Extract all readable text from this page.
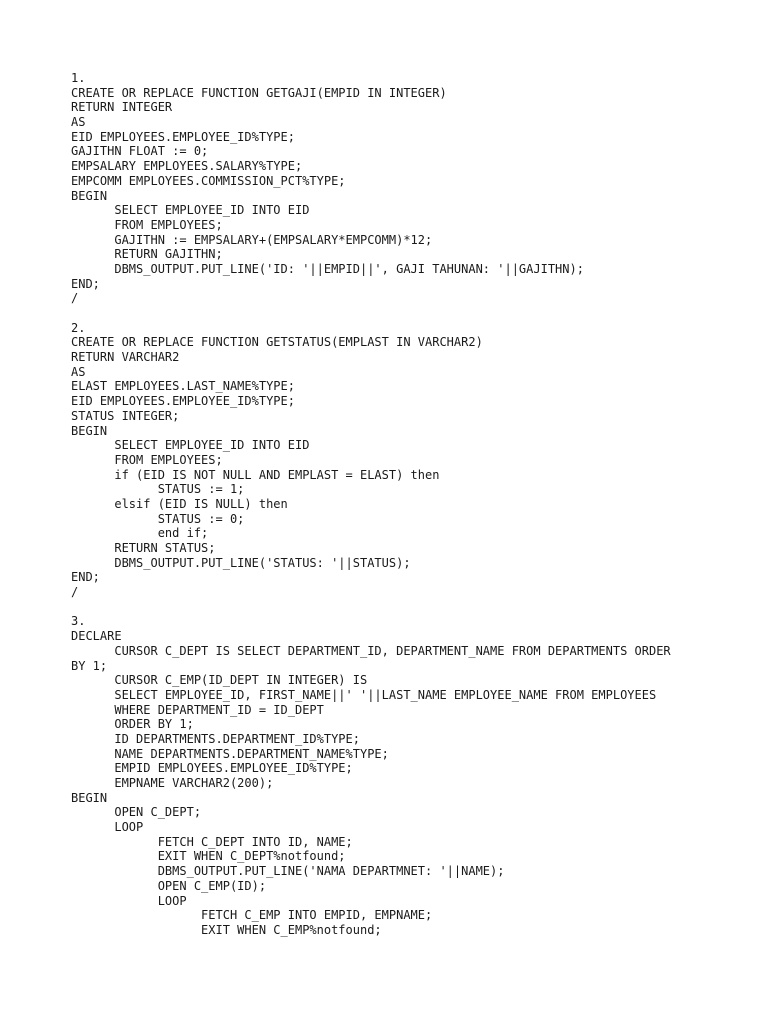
1.
CREATE OR REPLACE FUNCTION GETGAJI(EMPID IN INTEGER)
RETURN INTEGER
AS
EID EMPLOYEES.EMPLOYEE_ID%TYPE;
GAJITHN FLOAT := 0;
EMPSALARY EMPLOYEES.SALARY%TYPE;
EMPCOMM EMPLOYEES.COMMISSION_PCT%TYPE;
BEGIN
SELECT EMPLOYEE_ID INTO EID
FROM EMPLOYEES;
GAJITHN := EMPSALARY+(EMPSALARY*EMPCOMM)*12;
RETURN GAJITHN;
DBMS_OUTPUT.PUT_LINE('ID: '||EMPID||', GAJI TAHUNAN: '||GAJITHN);
END;
/
2.
CREATE OR REPLACE FUNCTION GETSTATUS(EMPLAST IN VARCHAR2)
RETURN VARCHAR2
AS
ELAST EMPLOYEES.LAST_NAME%TYPE;
EID EMPLOYEES.EMPLOYEE_ID%TYPE;
STATUS INTEGER;
BEGIN
SELECT EMPLOYEE_ID INTO EID
FROM EMPLOYEES;
if (EID IS NOT NULL AND EMPLAST = ELAST) then
STATUS := 1;
elsif (EID IS NULL) then
STATUS := 0;
end if;
RETURN STATUS;
DBMS_OUTPUT.PUT_LINE('STATUS: '||STATUS);
END;
/
3.
DECLARE
CURSOR C_DEPT IS SELECT DEPARTMENT_ID, DEPARTMENT_NAME FROM DEPARTMENTS ORDER
BY 1;
CURSOR C_EMP(ID_DEPT IN INTEGER) IS
SELECT EMPLOYEE_ID, FIRST_NAME||' '||LAST_NAME EMPLOYEE_NAME FROM EMPLOYEES
WHERE DEPARTMENT_ID = ID_DEPT
ORDER BY 1;
ID DEPARTMENTS.DEPARTMENT_ID%TYPE;
NAME DEPARTMENTS.DEPARTMENT_NAME%TYPE;
EMPID EMPLOYEES.EMPLOYEE_ID%TYPE;
EMPNAME VARCHAR2(200);
BEGIN
OPEN C_DEPT;
LOOP
FETCH C_DEPT INTO ID, NAME;
EXIT WHEN C_DEPT%notfound;
DBMS_OUTPUT.PUT_LINE('NAMA DEPARTMNET: '||NAME);
OPEN C_EMP(ID);
LOOP
FETCH C_EMP INTO EMPID, EMPNAME;
EXIT WHEN C_EMP%notfound;
